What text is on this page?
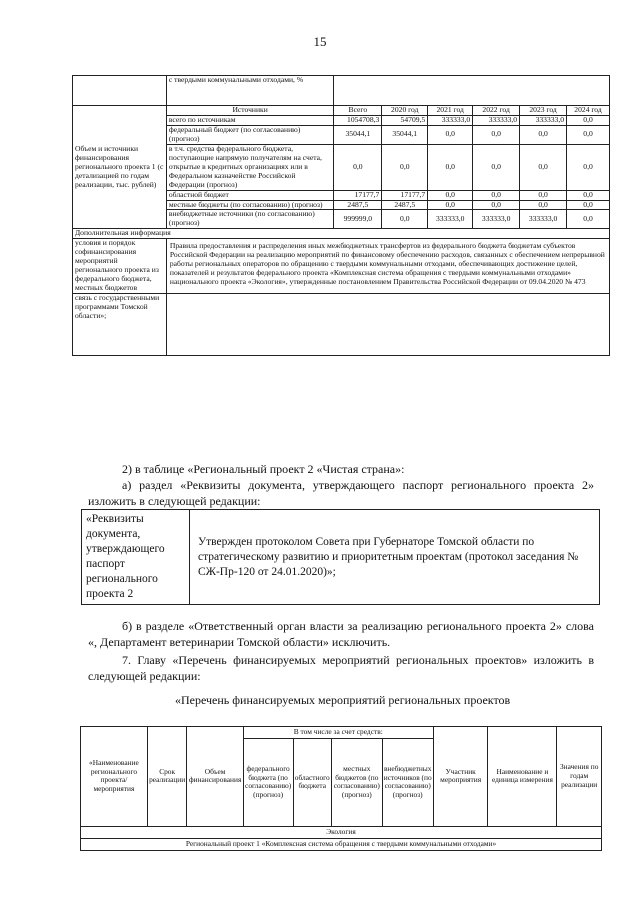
15
	с твердыми коммунальными отходами, %						
Объем и источники финансирования регионального проекта 1 (с детализацией по годам реализации, тыс. рублей)	Источники	Всего	2020 год	2021 год	2022 год	2023 год	2024 год
	всего по источникам	1054708,3	54709,5	333333,0	333333,0	333333,0	0,0
	федеральный бюджет (по согласованию) (прогноз)	35044,1	35044,1	0,0	0,0	0,0	0,0
	в т.ч. средства федерального бюджета, поступающие напрямую получателям на счета, открытые в кредитных организациях или в Федеральном казначействе Российской Федерации (прогноз)	0,0	0,0	0,0	0,0	0,0	0,0
	областной бюджет	17177,7	17177,7	0,0	0,0	0,0	0,0
	местные бюджеты (по согласованию) (прогноз)	2487,5	2487,5	0,0	0,0	0,0	0,0
	внебюджетные источники (по согласованию) (прогноз)	999999,0	0,0	333333,0	333333,0	333333,0	0,0
Дополнительная информация							
условия и порядок софинансирования мероприятий регионального проекта из федерального бюджета, местных бюджетов	Правила предоставления и распределения иных межбюджетных трансфертов из федерального бюджета бюджетам субъектов Российской Федерации на реализацию мероприятий по финансовому обеспечению расходов, связанных с обеспечением непрерывной работы региональных операторов по обращению с твердыми коммунальными отходами, обеспечивающих достижение целей, показателей и результатов федерального проекта «Комплексная система обращения с твердыми коммунальными отходами» национального проекта «Экология», утвержденные постановлением Правительства Российской Федерации от 09.04.2020 № 473						
связь с государственными программами Томской области»;							
2) в таблице «Региональный проект 2 «Чистая страна»:
а) раздел «Реквизиты документа, утверждающего паспорт регионального проекта 2» изложить в следующей редакции:
«Реквизиты документа, утверждающего паспорт регионального проекта 2	Утвержден протоколом Совета при Губернаторе Томской области по стратегическому развитию и приоритетным проектам (протокол заседания № СЖ-Пр-120 от 24.01.2020)»;
б) в разделе «Ответственный орган власти за реализацию регионального проекта 2» слова «, Департамент ветеринарии Томской области» исключить.
7. Главу «Перечень финансируемых мероприятий региональных проектов» изложить в следующей редакции:
«Перечень финансируемых мероприятий региональных проектов
«Наименование регионального проекта/ мероприятия	Срок реализации	Объем финансирования	В том числе за счет средств:				Участник мероприятия	Наименование и единица измерения	Значения по годам реализации
			федерального бюджета (по согласованию) (прогноз)	областного бюджета	местных бюджетов (по согласованию) (прогноз)	внебюджетных источников (по согласованию) (прогноз)			
Экология									
Региональный проект 1 «Комплексная система обращения с твердыми коммунальными отходами»									
